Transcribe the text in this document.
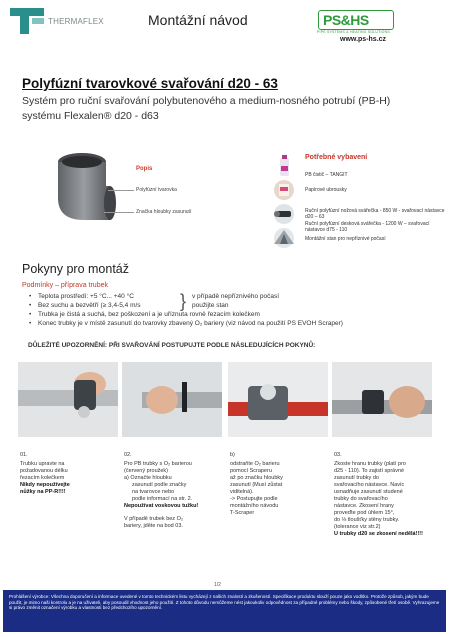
THERMAFLEX	Montážní návod	PS&HS
PIPE SYSTEMS & HEATING SOLUTIONS
www.ps-hs.cz
Polyfúzní tvarovkové svařování d20 - 63
Systém pro ruční svařování polybutenového a medium-nosného potrubí (PB-H) systému Flexalen® d20 - d63
Popis
Polyfúzní tvarovka
Značka hloubky zasunutí
Potřebné vybavení
PB čistič – TANGIT
Papírové ubrousky
Ruční polyfúzní nožová svářečka - 850 W - svařovací nástavce d20 – 63
Ruční polyfúzní desková svářečka - 1200 W – svařovací nástavce d75 - 110
Montážní stan pro nepříznivé počasí
Pokyny pro montáž
Podmínky – příprava trubek
• Teplota prostředí: +5 °C... +40 °C
• Bez suchu a bezvětří (≥ 3,4-5,4 m/s
• Trubka je čistá a suchá, bez poškození a je uříznuta rovně řezacím kolečkem
• Konec trubky je v místě zasunutí do tvarovky zbavený O₂ bariery (viz návod na použití PS EVOH Scraper)
} v případě nepříznivého počasí
použijte stan
DŮLEŽITÉ UPOZORNĚNÍ: PŘI SVAŘOVÁNÍ POSTUPUJTE PODLE NÁSLEDUJÍCÍCH POKYNŮ:
01.
Trubku upravte na
požadovanou délku
řezacím kolečkem
Nikdy nepoužívejte
nůžky na PP-R!!!!
02.
Pro PB trubky s O₂ barierou
(červený proužek)
a) Označte hloubku
zasunutí podle značky
na tvarovce nebo
podle informací na str. 2.
Nepoužívat voskovou tužku!
V případě trubek bez O₂
bariery, jděte na bod 03.
b)
odstraňte O₂ barieru
pomocí Scraperu
až po značku hloubky
zasunutí (Musí zůstat
viditelná).
-> Postupujte podle
montážního návodu
T-Scraper
03.
Zkoste hranu trubky (platí pro
d25 - 110). To zajistí správné
zasunutí trubky do
svařovacího nástavce. Navíc
usnadňuje zasunutí studené
trubky do svařovacího
nástavce. Zkosení hrany
proveďte pod úhlem 15°,
do ⅛ tloušťky stěny trubky.
(tolerance viz str.2)
U trubky d20 se zkosení nedělá!!!!
1/2
Prohlášení výrobce: Všechna doporučení a informace uvedené v tomto technickém listu vycházejí z našich znalostí a zkušeností. Specifikace produktu slouží pouze jako vodítko. Protože způsob, jakým bude použit, je mimo naši kontrolu a je na uživateli, aby posoudil vhodnost jeho použití. Z tohoto důvodu nemůžeme nést jakoukoliv odpovědnost za případné problémy nebo škody, způsobené třetí osobě. Vyhrazujeme si právo změnit označení výrobku a vlastnosti bez předchozího upozornění.
